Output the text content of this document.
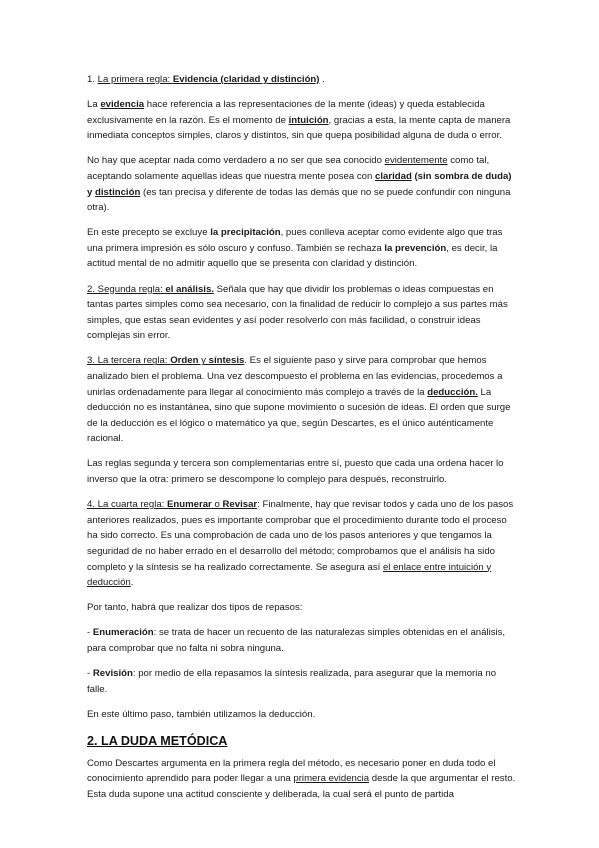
1. La primera regla: Evidencia (claridad y distinción) .

La evidencia hace referencia a las representaciones de la mente (ideas) y queda establecida exclusivamente en la razón. Es el momento de intuición, gracias a esta, la mente capta de manera inmediata conceptos simples, claros y distintos, sin que quepa posibilidad alguna de duda o error.

No hay que aceptar nada como verdadero a no ser que sea conocido evidentemente como tal, aceptando solamente aquellas ideas que nuestra mente posea con claridad (sin sombra de duda) y distinción (es tan precisa y diferente de todas las demás que no se puede confundir con ninguna otra).

En este precepto se excluye la precipitación, pues conlleva aceptar como evidente algo que tras una primera impresión es sólo oscuro y confuso. También se rechaza la prevención, es decir, la actitud mental de no admitir aquello que se presenta con claridad y distinción.

2. Segunda regla: el análisis. Señala que hay que dividir los problemas o ideas compuestas en tantas partes simples como sea necesario, con la finalidad de reducir lo complejo a sus partes más simples, que estas sean evidentes y así poder resolverlo con más facilidad, o construir ideas complejas sin error.

3. La tercera regla: Orden y síntesis. Es el siguiente paso y sirve para comprobar que hemos analizado bien el problema. Una vez descompuesto el problema en las evidencias, procedemos a unirlas ordenadamente para llegar al conocimiento más complejo a través de la deducción. La deducción no es instantánea, sino que supone movimiento o sucesión de ideas. El orden que surge de la deducción es el lógico o matemático ya que, según Descartes, es el único auténticamente racional.

Las reglas segunda y tercera son complementarias entre sí, puesto que cada una ordena hacer lo inverso que la otra: primero se descompone lo complejo para después, reconstruirlo.

4. La cuarta regla: Enumerar o Revisar: Finalmente, hay que revisar todos y cada uno de los pasos anteriores realizados, pues es importante comprobar que el procedimiento durante todo el proceso ha sido correcto. Es una comprobación de cada uno de los pasos anteriores y que tengamos la seguridad de no haber errado en el desarrollo del método; comprobamos que el análisis ha sido completo y la síntesis se ha realizado correctamente. Se asegura así el enlace entre intuición y deducción.

Por tanto, habrá que realizar dos tipos de repasos:

- Enumeración: se trata de hacer un recuento de las naturalezas simples obtenidas en el análisis, para comprobar que no falta ni sobra ninguna.

- Revisión: por medio de ella repasamos la síntesis realizada, para asegurar que la memoria no falle.

En este último paso, también utilizamos la deducción.

2. LA DUDA METÓDICA

Como Descartes argumenta en la primera regla del método, es necesario poner en duda todo el conocimiento aprendido para poder llegar a una primera evidencia desde la que argumentar el resto. Esta duda supone una actitud consciente y deliberada, la cual será el punto de partida
